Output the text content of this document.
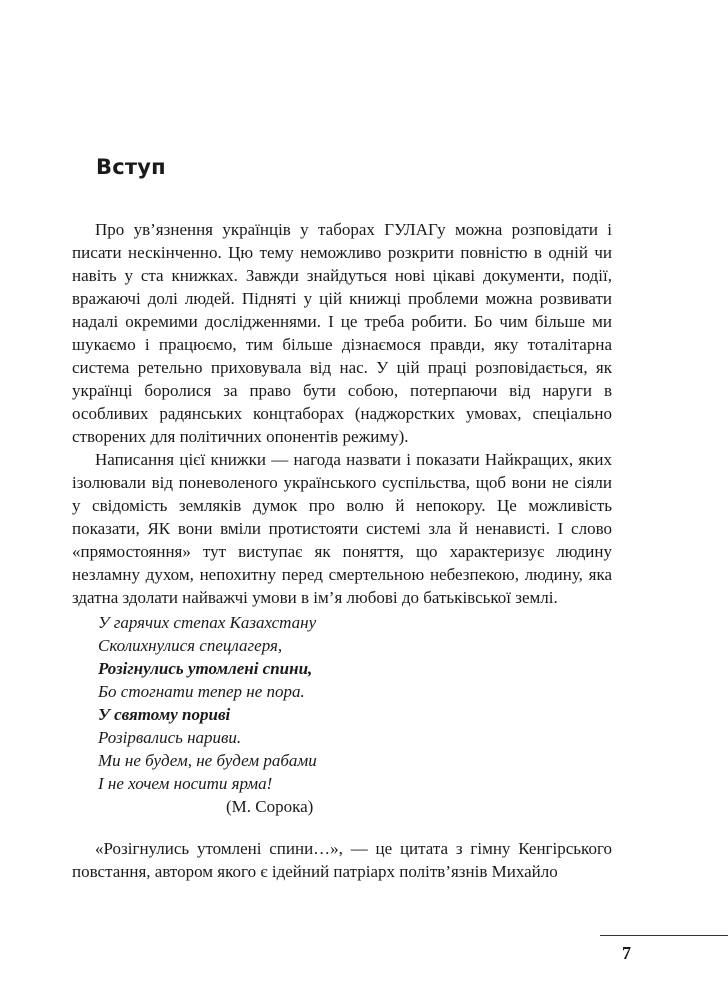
Вступ

Про ув’язнення українців у таборах ГУЛАГу можна розповідати і писати нескінченно. Цю тему неможливо розкрити повністю в одній чи навіть у ста книжках. Завжди знайдуться нові цікаві документи, події, вражаючі долі людей. Підняті у цій книжці проблеми можна розвивати надалі окремими дослідженнями. І це треба робити. Бо чим більше ми шукаємо і працюємо, тим більше дізнаємося правди, яку тоталітарна система ретельно приховувала від нас. У цій праці розповідається, як українці боролися за право бути собою, потерпаючи від наруги в особливих радянських концтаборах (наджорстких умовах, спеціально створених для політичних опонентів режиму).

Написання цієї книжки — нагода назвати і показати Найкращих, яких ізолювали від поневоленого українського суспільства, щоб вони не сіяли у свідомість земляків думок про волю й непокору. Це можливість показати, ЯК вони вміли протистояти системі зла й ненависті. І слово «прямостояння» тут виступає як поняття, що характеризує людину незламну духом, непохитну перед смертельною небезпекою, людину, яка здатна здолати найважчі умови в ім’я любові до батьківської землі.

У гарячих степах Казахстану
Сколихнулися спецлагеря,
Розігнулись утомлені спини,
Бо стогнати тепер не пора.
У святому пориві
Розірвались нариви.
Ми не будем, не будем рабами
І не хочем носити ярма!
(М. Сорока)

«Розігнулись утомлені спини…», — це цитата з гімну Кенгірського повстання, автором якого є ідейний патріарх політв’язнів Михайло

7
